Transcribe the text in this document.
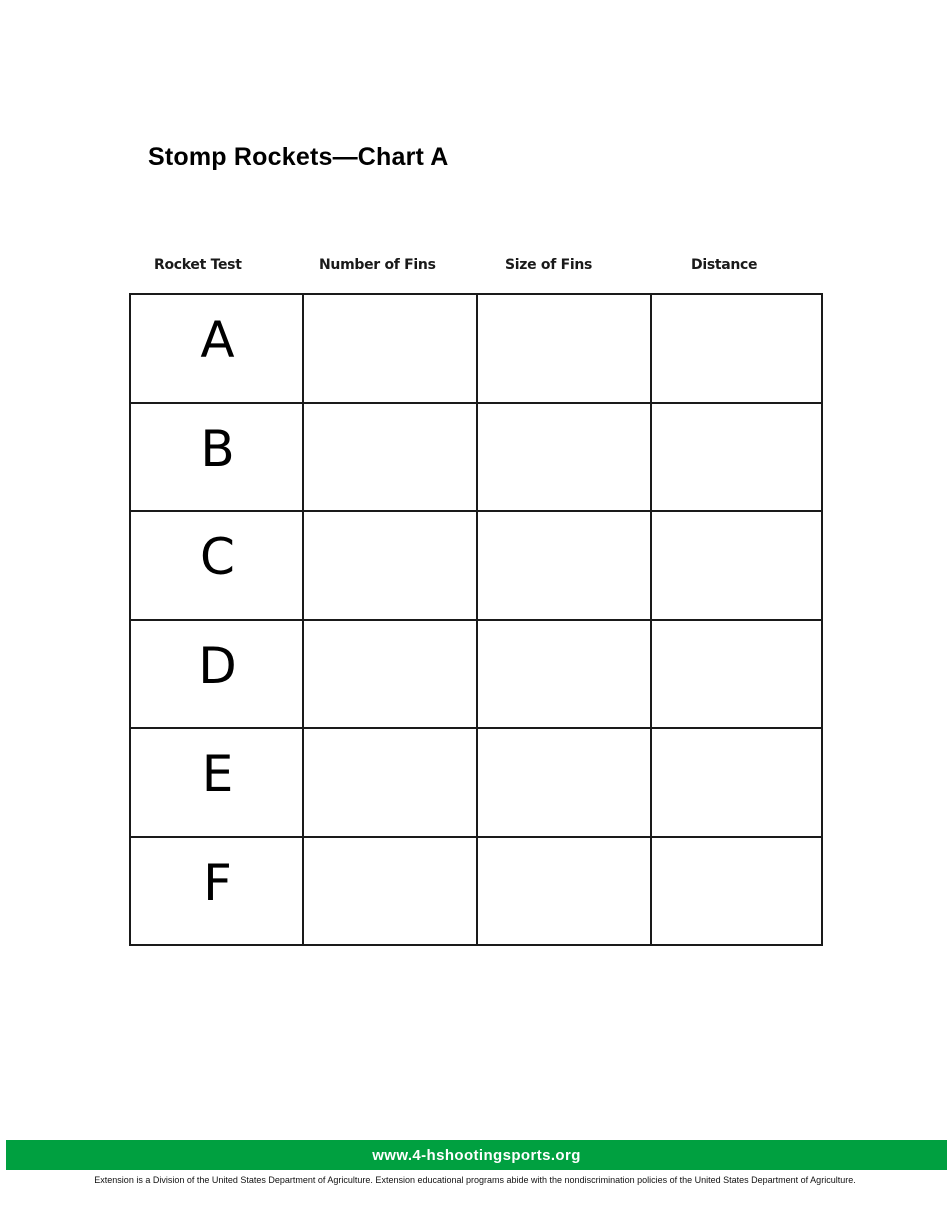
Stomp Rockets—Chart A
Rocket Test	Number of Fins	Size of Fins	Distance
A			
B			
C			
D			
E			
F			
www.4-hshootingsports.org
Extension is a Division of the United States Department of Agriculture. Extension educational programs abide with the nondiscrimination policies of the United States Department of Agriculture.
